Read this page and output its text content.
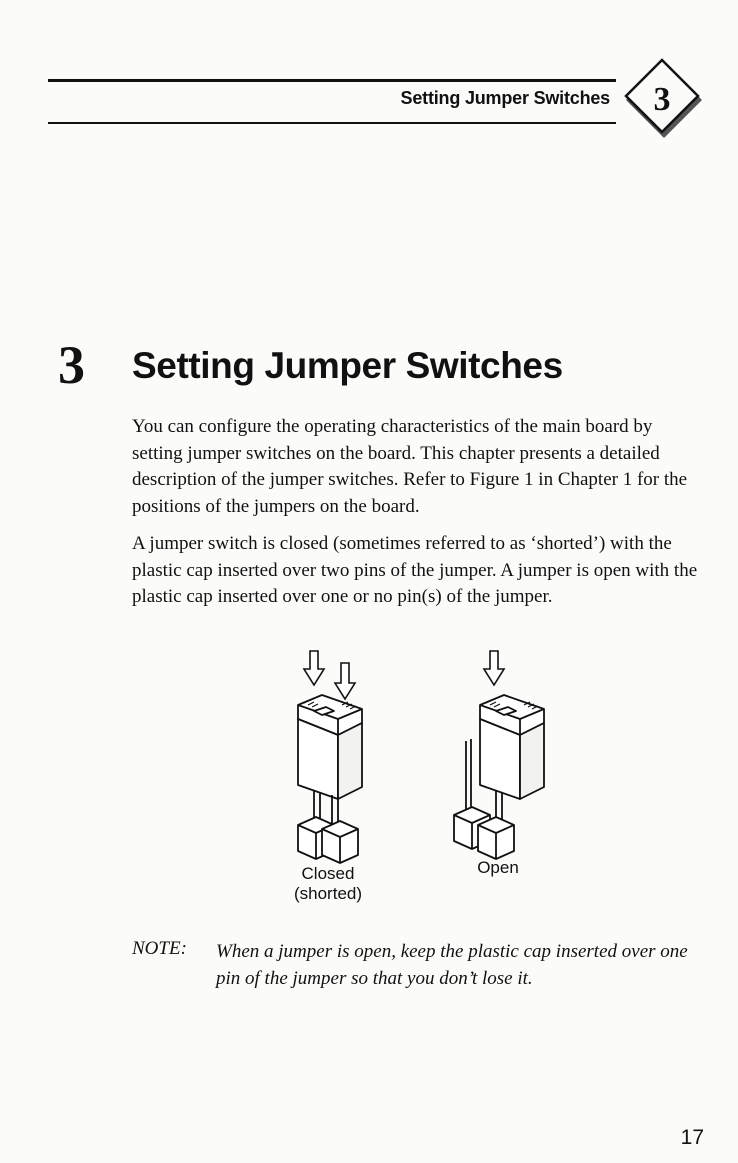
Setting Jumper Switches 3
3 Setting Jumper Switches

You can configure the operating characteristics of the main board by setting jumper switches on the board. This chapter presents a detailed description of the jumper switches. Refer to Figure 1 in Chapter 1 for the positions of the jumpers on the board.

A jumper switch is closed (sometimes referred to as ‘shorted’) with the plastic cap inserted over two pins of the jumper. A jumper is open with the plastic cap inserted over one or no pin(s) of the jumper.

Closed
(shorted)
Open
NOTE: When a jumper is open, keep the plastic cap inserted over one pin of the jumper so that you don’t lose it.

17
